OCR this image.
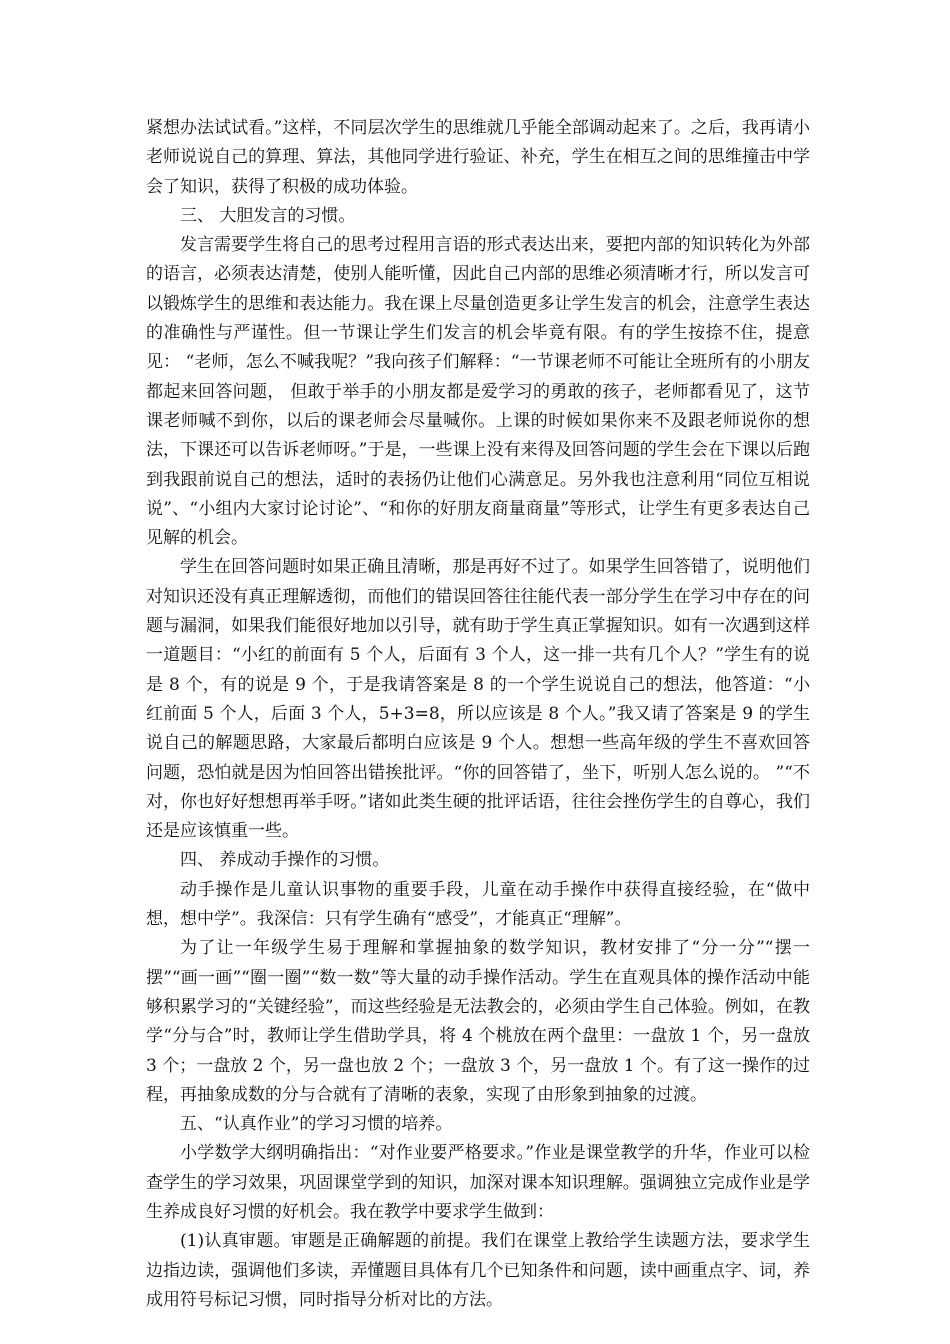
紧想办法试试看。”这样，不同层次学生的思维就几乎能全部调动起来了。之后，我再请小老师说说自己的算理、算法，其他同学进行验证、补充，学生在相互之间的思维撞击中学会了知识，获得了积极的成功体验。

三、 大胆发言的习惯。

发言需要学生将自己的思考过程用言语的形式表达出来，要把内部的知识转化为外部的语言，必须表达清楚，使别人能听懂，因此自己内部的思维必须清晰才行，所以发言可以锻炼学生的思维和表达能力。我在课上尽量创造更多让学生发言的机会，注意学生表达的准确性与严谨性。但一节课让学生们发言的机会毕竟有限。有的学生按捺不住，提意见： “老师，怎么不喊我呢？”我向孩子们解释：“一节课老师不可能让全班所有的小朋友都起来回答问题， 但敢于举手的小朋友都是爱学习的勇敢的孩子，老师都看见了，这节课老师喊不到你，以后的课老师会尽量喊你。上课的时候如果你来不及跟老师说你的想法，下课还可以告诉老师呀。”于是，一些课上没有来得及回答问题的学生会在下课以后跑到我跟前说自己的想法，适时的表扬仍让他们心满意足。另外我也注意利用“同位互相说说”、“小组内大家讨论讨论”、“和你的好朋友商量商量”等形式，让学生有更多表达自己见解的机会。

学生在回答问题时如果正确且清晰，那是再好不过了。如果学生回答错了，说明他们对知识还没有真正理解透彻，而他们的错误回答往往能代表一部分学生在学习中存在的问题与漏洞，如果我们能很好地加以引导，就有助于学生真正掌握知识。如有一次遇到这样一道题目：“小红的前面有 5 个人，后面有 3 个人，这一排一共有几个人？”学生有的说是 8 个，有的说是 9 个，于是我请答案是 8 的一个学生说说自己的想法，他答道：“小红前面 5 个人，后面 3 个人，5+3=8，所以应该是 8 个人。”我又请了答案是 9 的学生说自己的解题思路，大家最后都明白应该是 9 个人。想想一些高年级的学生不喜欢回答问题，恐怕就是因为怕回答出错挨批评。“你的回答错了，坐下，听别人怎么说的。 ”“不对，你也好好想想再举手呀。”诸如此类生硬的批评话语，往往会挫伤学生的自尊心，我们还是应该慎重一些。

四、 养成动手操作的习惯。

动手操作是儿童认识事物的重要手段，儿童在动手操作中获得直接经验，在“做中想，想中学”。我深信：只有学生确有“感受”，才能真正“理解”。

为了让一年级学生易于理解和掌握抽象的数学知识，教材安排了“分一分”“摆一摆”“画一画”“圈一圈”“数一数”等大量的动手操作活动。学生在直观具体的操作活动中能够积累学习的“关键经验”，而这些经验是无法教会的，必须由学生自己体验。例如，在教学“分与合”时，教师让学生借助学具，将 4 个桃放在两个盘里：一盘放 1 个，另一盘放 3 个；一盘放 2 个，另一盘也放 2 个；一盘放 3 个，另一盘放 1 个。有了这一操作的过程，再抽象成数的分与合就有了清晰的表象，实现了由形象到抽象的过渡。

五、“认真作业”的学习习惯的培养。

小学数学大纲明确指出：“对作业要严格要求。”作业是课堂教学的升华，作业可以检查学生的学习效果，巩固课堂学到的知识，加深对课本知识理解。强调独立完成作业是学生养成良好习惯的好机会。我在教学中要求学生做到：

(1)认真审题。审题是正确解题的前提。我们在课堂上教给学生读题方法，要求学生边指边读，强调他们多读，弄懂题目具体有几个已知条件和问题，读中画重点字、词，养成用符号标记习惯，同时指导分析对比的方法。
